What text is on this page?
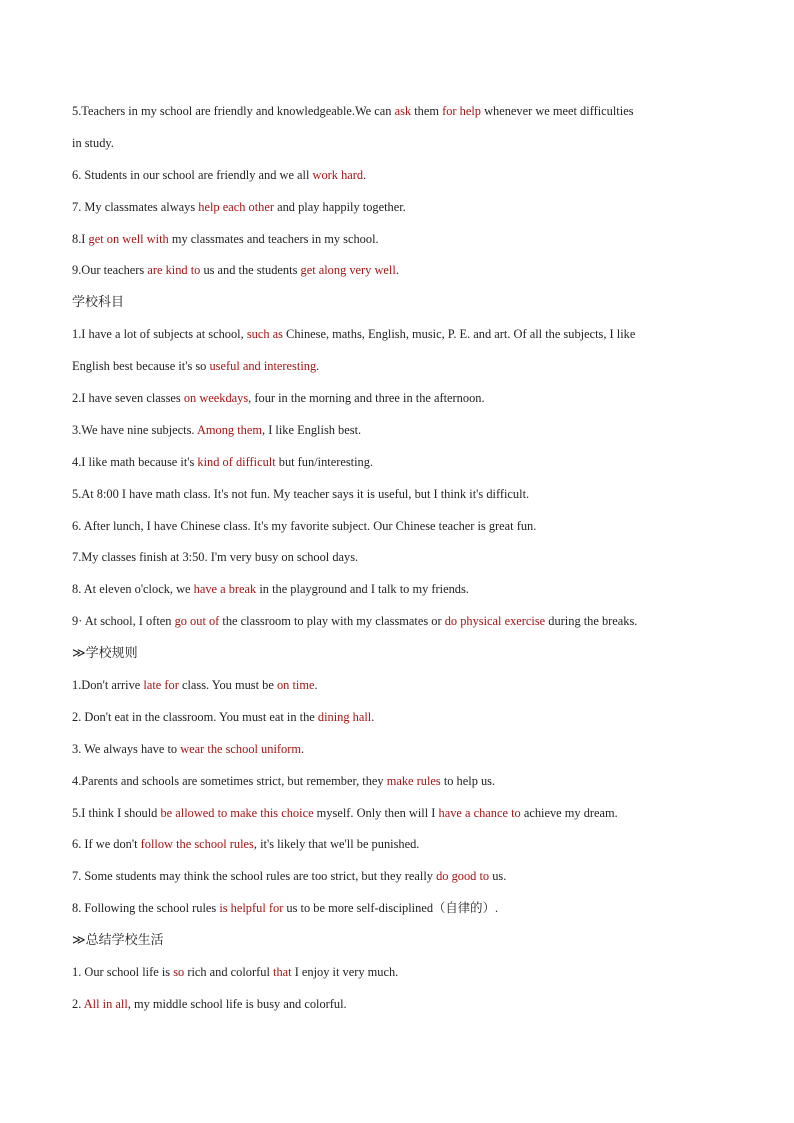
5.Teachers in my school are friendly and knowledgeable.We can ask them for help whenever we meet difficulties
in study.
6. Students in our school are friendly and we all work hard.
7. My classmates always help each other and play happily together.
8.I get on well with my classmates and teachers in my school.
9.Our teachers are kind to us and the students get along very well.
学校科目
1.I have a lot of subjects at school, such as Chinese, maths, English, music, P. E. and art. Of all the subjects, I like
English best because it's so useful and interesting.
2.I have seven classes on weekdays, four in the morning and three in the afternoon.
3.We have nine subjects. Among them, I like English best.
4.I like math because it's kind of difficult but fun/interesting.
5.At 8:00 I have math class. It's not fun. My teacher says it is useful, but I think it's difficult.
6. After lunch, I have Chinese class. It's my favorite subject. Our Chinese teacher is great fun.
7.My classes finish at 3:50. I'm very busy on school days.
8. At eleven o'clock, we have a break in the playground and I talk to my friends.
9· At school, I often go out of the classroom to play with my classmates or do physical exercise during the breaks.
≫学校规则
1.Don't arrive late for class. You must be on time.
2. Don't eat in the classroom. You must eat in the dining hall.
3. We always have to wear the school uniform.
4.Parents and schools are sometimes strict, but remember, they make rules to help us.
5.I think I should be allowed to make this choice myself. Only then will I have a chance to achieve my dream.
6. If we don't follow the school rules, it's likely that we'll be punished.
7. Some students may think the school rules are too strict, but they really do good to us.
8. Following the school rules is helpful for us to be more self-disciplined（自律的）.
≫总结学校生活
1. Our school life is so rich and colorful that I enjoy it very much.
2. All in all, my middle school life is busy and colorful.
